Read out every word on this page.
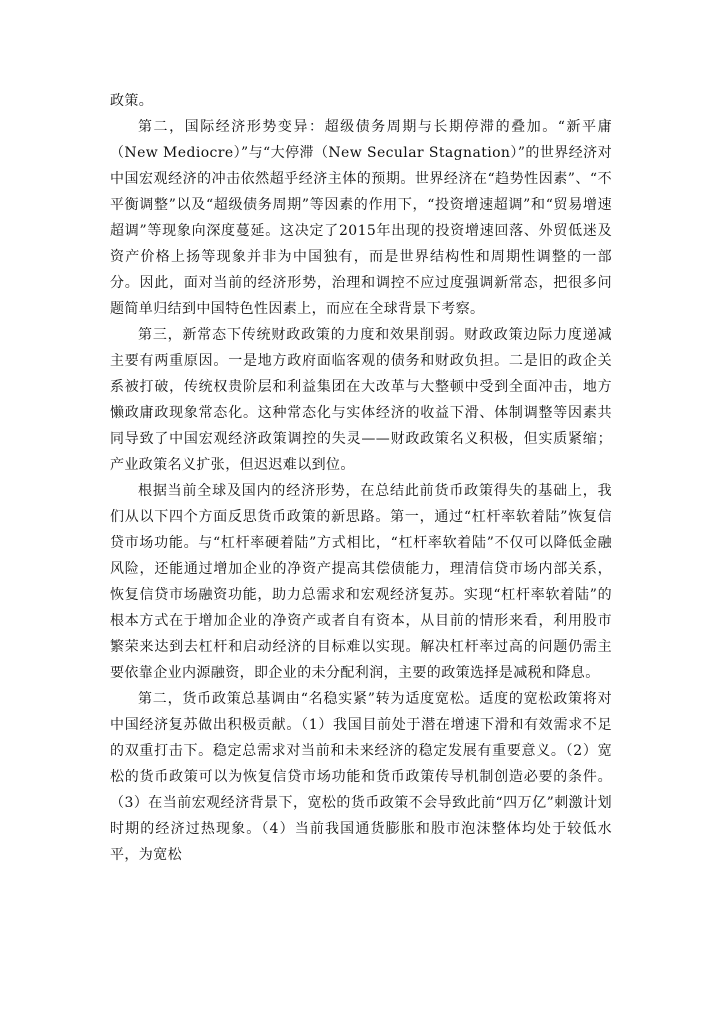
政策。

第二，国际经济形势变异：超级债务周期与长期停滞的叠加。“新平庸（New Mediocre）”与“大停滞（New Secular Stagnation）”的世界经济对中国宏观经济的冲击依然超乎经济主体的预期。世界经济在“趋势性因素”、“不平衡调整”以及“超级债务周期”等因素的作用下，“投资增速超调”和“贸易增速超调”等现象向深度蔓延。这决定了2015年出现的投资增速回落、外贸低迷及资产价格上扬等现象并非为中国独有，而是世界结构性和周期性调整的一部分。因此，面对当前的经济形势，治理和调控不应过度强调新常态，把很多问题简单归结到中国特色性因素上，而应在全球背景下考察。

第三，新常态下传统财政政策的力度和效果削弱。财政政策边际力度递减主要有两重原因。一是地方政府面临客观的债务和财政负担。二是旧的政企关系被打破，传统权贵阶层和利益集团在大改革与大整顿中受到全面冲击，地方懒政庸政现象常态化。这种常态化与实体经济的收益下滑、体制调整等因素共同导致了中国宏观经济政策调控的失灵——财政政策名义积极，但实质紧缩；产业政策名义扩张，但迟迟难以到位。

根据当前全球及国内的经济形势，在总结此前货币政策得失的基础上，我们从以下四个方面反思货币政策的新思路。第一，通过“杠杆率软着陆”恢复信贷市场功能。与“杠杆率硬着陆”方式相比，“杠杆率软着陆”不仅可以降低金融风险，还能通过增加企业的净资产提高其偿债能力，理清信贷市场内部关系，恢复信贷市场融资功能，助力总需求和宏观经济复苏。实现“杠杆率软着陆”的根本方式在于增加企业的净资产或者自有资本，从目前的情形来看，利用股市繁荣来达到去杠杆和启动经济的目标难以实现。解决杠杆率过高的问题仍需主要依靠企业内源融资，即企业的未分配利润，主要的政策选择是减税和降息。

第二，货币政策总基调由“名稳实紧”转为适度宽松。适度的宽松政策将对中国经济复苏做出积极贡献。（1）我国目前处于潜在增速下滑和有效需求不足的双重打击下。稳定总需求对当前和未来经济的稳定发展有重要意义。（2）宽松的货币政策可以为恢复信贷市场功能和货币政策传导机制创造必要的条件。（3）在当前宏观经济背景下，宽松的货币政策不会导致此前“四万亿”刺激计划时期的经济过热现象。（4）当前我国通货膨胀和股市泡沫整体均处于较低水平，为宽松
